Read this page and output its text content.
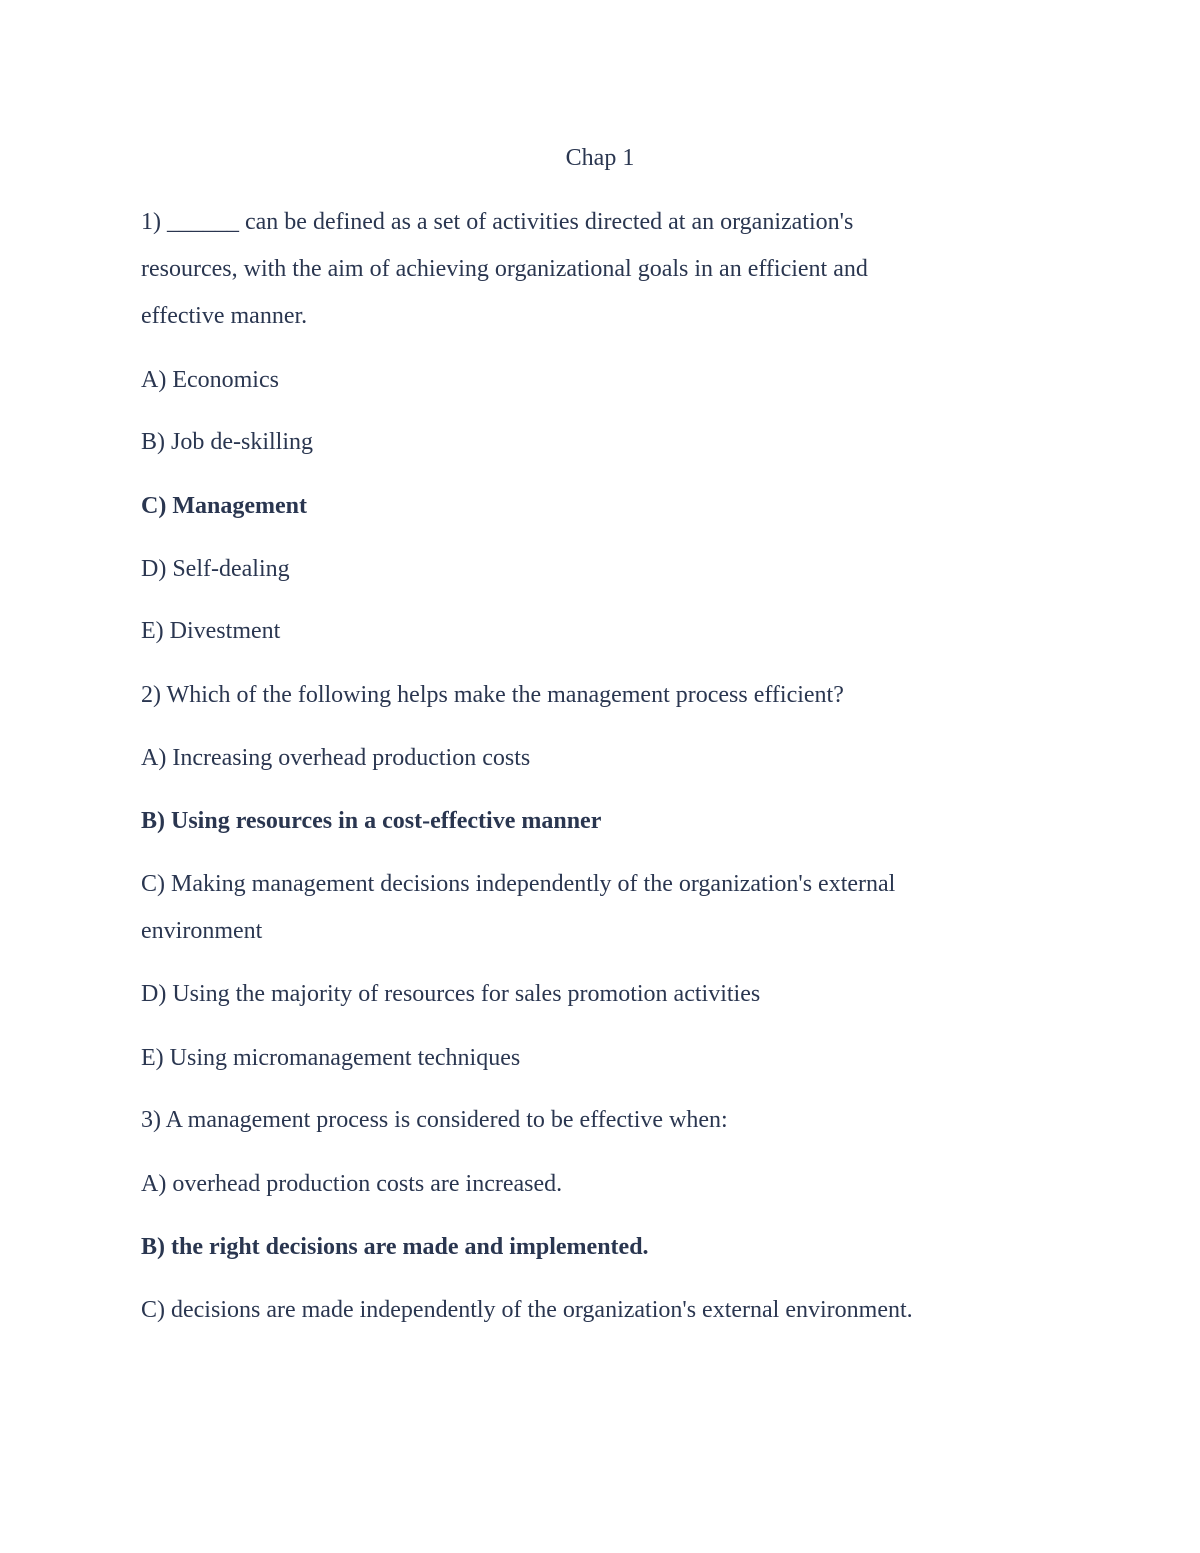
Chap 1
1) ______ can be defined as a set of activities directed at an organization's
resources, with the aim of achieving organizational goals in an efficient and
effective manner.
A) Economics
B) Job de-skilling
C) Management
D) Self-dealing
E) Divestment
2) Which of the following helps make the management process efficient?
A) Increasing overhead production costs
B) Using resources in a cost-effective manner
C) Making management decisions independently of the organization's external
environment
D) Using the majority of resources for sales promotion activities
E) Using micromanagement techniques
3) A management process is considered to be effective when:
A) overhead production costs are increased.
B) the right decisions are made and implemented.
C) decisions are made independently of the organization's external environment.
